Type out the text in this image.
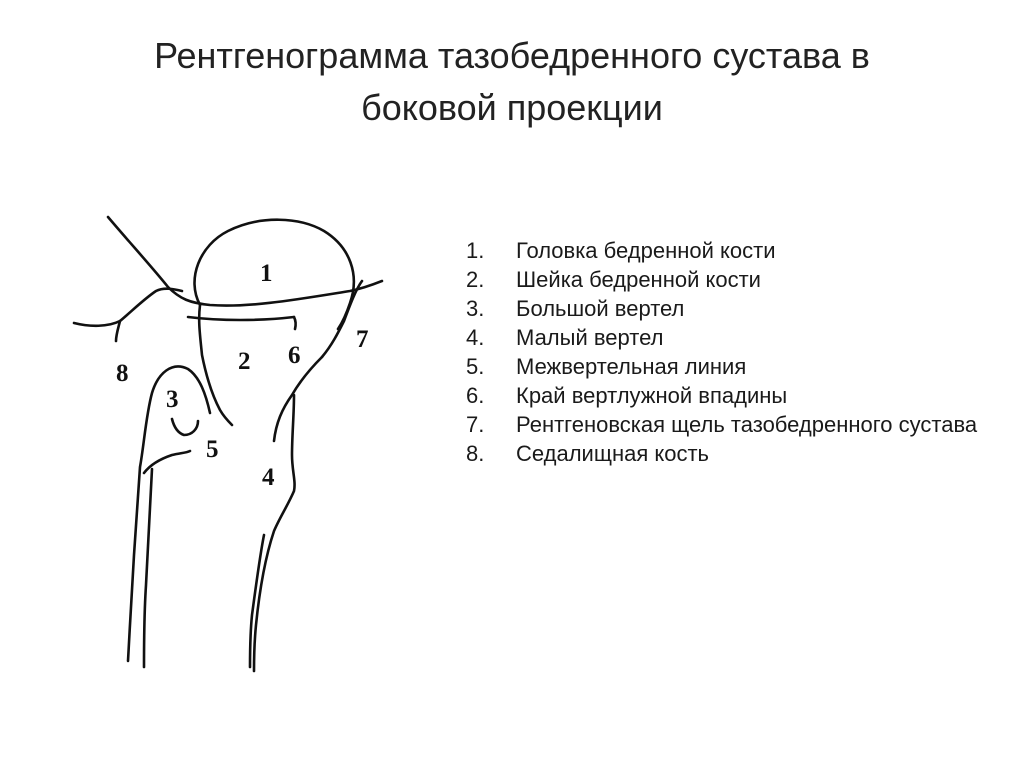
Рентгенограмма тазобедренного сустава в
боковой проекции
1
2
3
4
5
6
7
8
1. Головка бедренной кости
2. Шейка бедренной кости
3. Большой вертел
4. Малый вертел
5. Межвертельная линия
6. Край вертлужной впадины
7. Рентгеновская щель тазобедренного сустава
8. Седалищная кость
